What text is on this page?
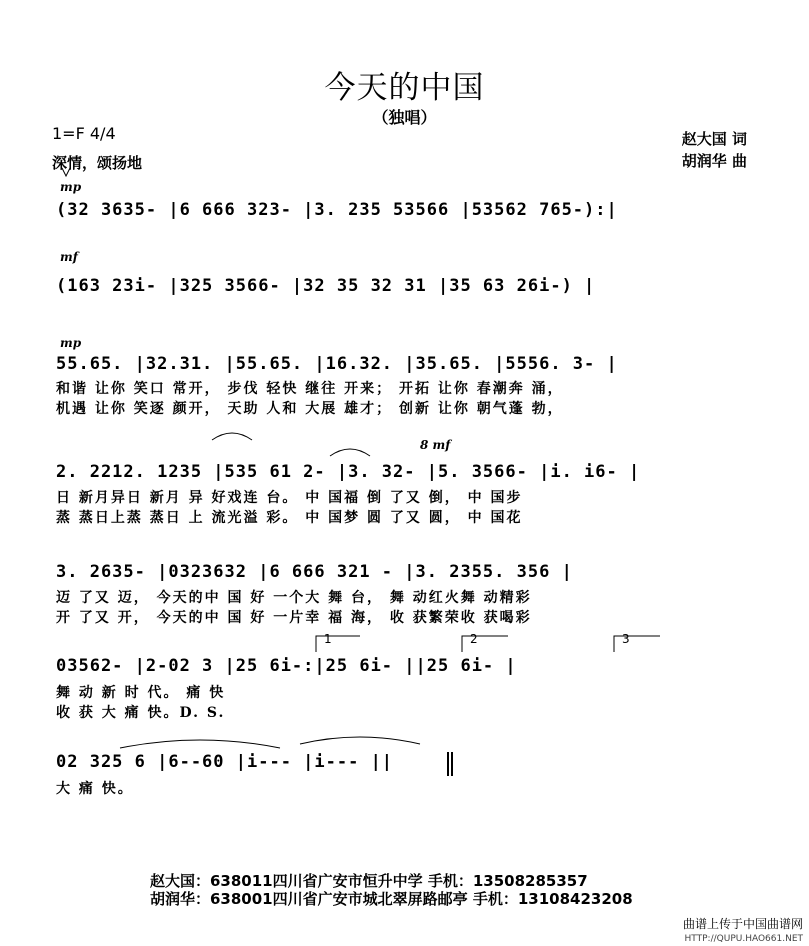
今天的中国
（独唱）
1=F 4/4
深情，颂扬地
赵大国 词
胡润华 曲
mp
(32 3635- |6 666 323- |3. 235 53566 |53562 765-):|
mf
(163 23i- |325 3566- |32 35 32 31 |35 63 26i-) |
mp
55.65. |32.31. |55.65. |16.32. |35.65. |5556. 3- |
和谐 让你 笑口 常开， 步伐 轻快 继往 开来； 开拓 让你 春潮奔 涌，
机遇 让你 笑逐 颜开， 天助 人和 大展 雄才； 创新 让你 朝气蓬 勃，
8 mf
2. 2212. 1235 |535 61 2- |3. 32- |5. 3566- |i. i6- |
日 新月异日 新月 异 好戏连 台。 中 国福 倒 了又 倒， 中 国步
蒸 蒸日上蒸 蒸日 上 流光溢 彩。 中 国梦 圆 了又 圆， 中 国花
3. 2635- |0323632 |6 666 321 - |3. 2355. 356 |
迈 了又 迈， 今天的中 国 好 一个大 舞 台， 舞 动红火舞 动精彩
开 了又 开， 今天的中 国 好 一片幸 福 海， 收 获繁荣收 获喝彩
1	2	3
03562- |2-02 3 |25 6i-:|25 6i- ||25 6i- |
舞 动 新 时 代。 痛 快
收 获 大 痛 快。D. S.
02 325 6 |6--60 |i--- |i--- ||
大 痛 快。
赵大国：638011四川省广安市恒升中学 手机：13508285357
胡润华：638001四川省广安市城北翠屏路邮亭 手机：13108423208
曲谱上传于中国曲谱网
HTTP://QUPU.HAO661.NET
